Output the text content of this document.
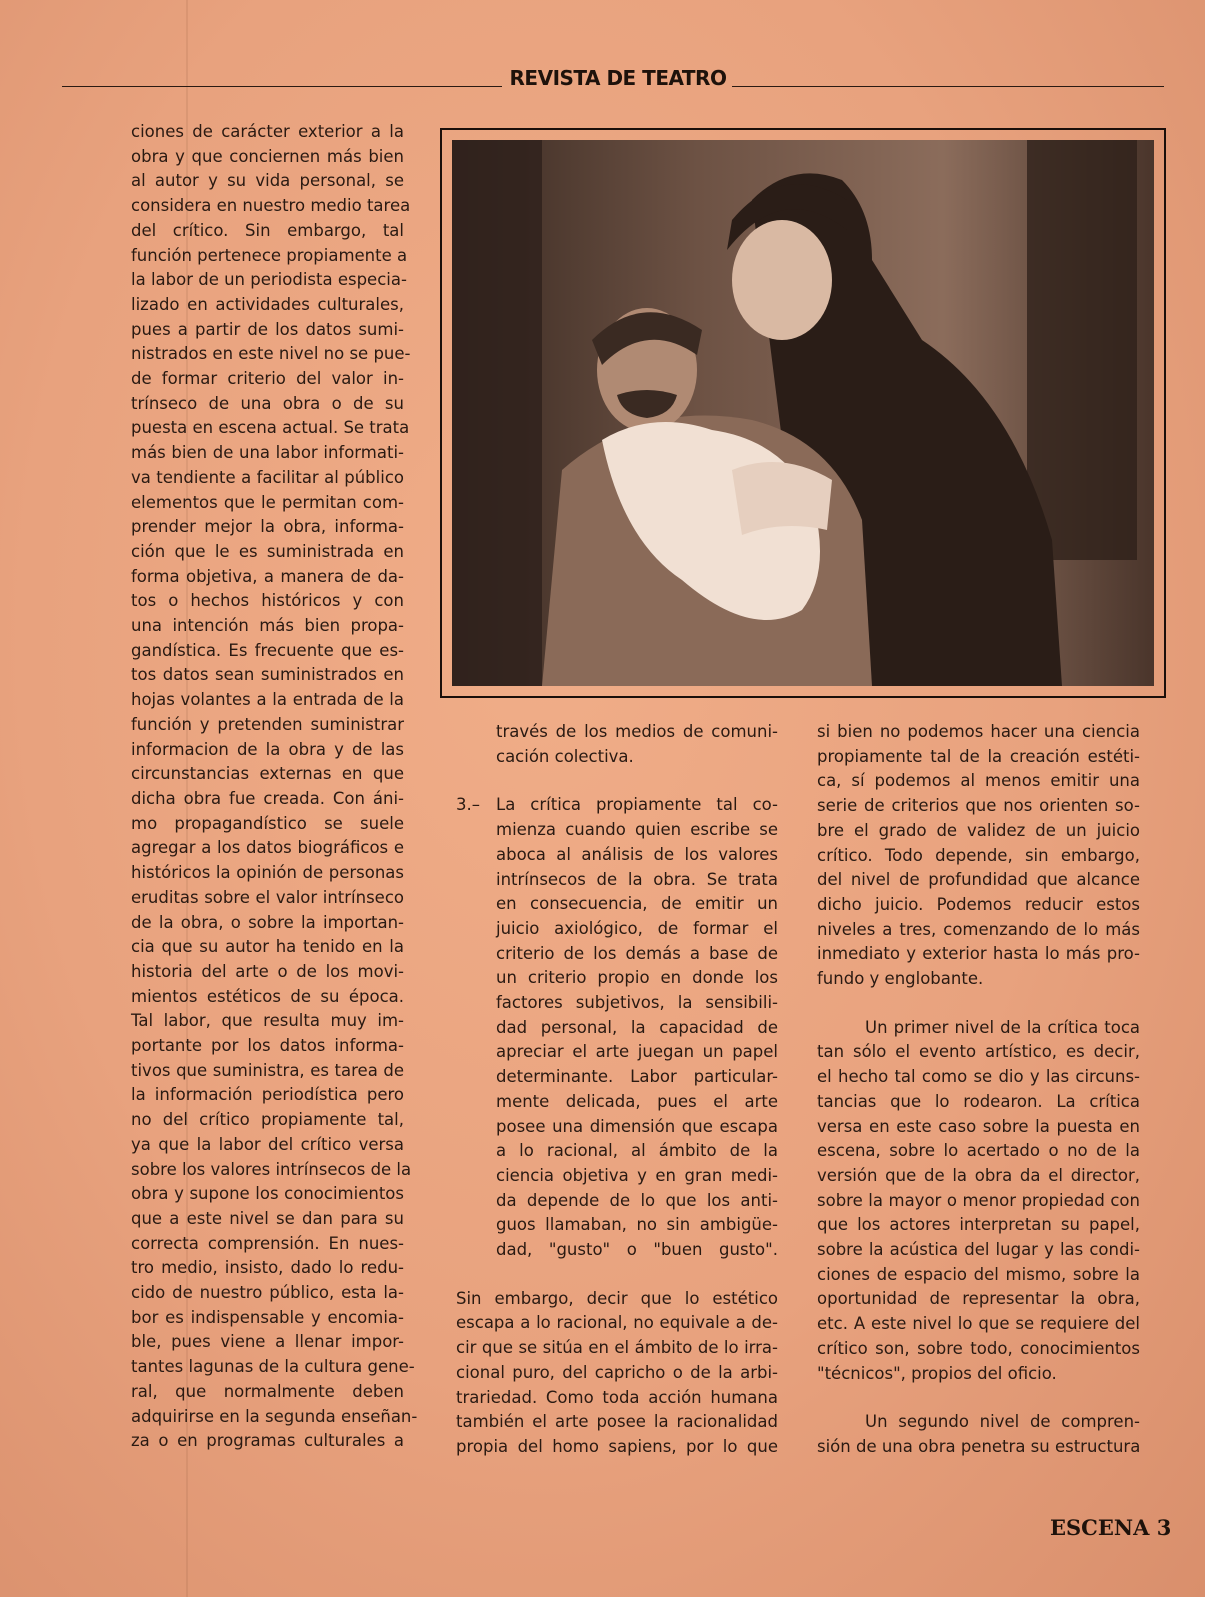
REVISTA DE TEATRO
ciones de carácter exterior a la
obra y que conciernen más bien
al autor y su vida personal, se
considera en nuestro medio tarea
del crítico. Sin embargo, tal
función pertenece propiamente a
la labor de un periodista especia-
lizado en actividades culturales,
pues a partir de los datos sumi-
nistrados en este nivel no se pue-
de formar criterio del valor in-
trínseco de una obra o de su
puesta en escena actual. Se trata
más bien de una labor informati-
va tendiente a facilitar al público
elementos que le permitan com-
prender mejor la obra, informa-
ción que le es suministrada en
forma objetiva, a manera de da-
tos o hechos históricos y con
una intención más bien propa-
gandística. Es frecuente que es-
tos datos sean suministrados en
hojas volantes a la entrada de la
función y pretenden suministrar
informacion de la obra y de las
circunstancias externas en que
dicha obra fue creada. Con áni-
mo propagandístico se suele
agregar a los datos biográficos e
históricos la opinión de personas
eruditas sobre el valor intrínseco
de la obra, o sobre la importan-
cia que su autor ha tenido en la
historia del arte o de los movi-
mientos estéticos de su época.
Tal labor, que resulta muy im-
portante por los datos informa-
tivos que suministra, es tarea de
la información periodística pero
no del crítico propiamente tal,
ya que la labor del crítico versa
sobre los valores intrínsecos de la
obra y supone los conocimientos
que a este nivel se dan para su
correcta comprensión. En nues-
tro medio, insisto, dado lo redu-
cido de nuestro público, esta la-
bor es indispensable y encomia-
ble, pues viene a llenar impor-
tantes lagunas de la cultura gene-
ral, que normalmente deben
adquirirse en la segunda enseñan-
za o en programas culturales a
través de los medios de comuni-
cación colectiva.
3.– La crítica propiamente tal co-
mienza cuando quien escribe se
aboca al análisis de los valores
intrínsecos de la obra. Se trata
en consecuencia, de emitir un
juicio axiológico, de formar el
criterio de los demás a base de
un criterio propio en donde los
factores subjetivos, la sensibili-
dad personal, la capacidad de
apreciar el arte juegan un papel
determinante. Labor particular-
mente delicada, pues el arte
posee una dimensión que escapa
a lo racional, al ámbito de la
ciencia objetiva y en gran medi-
da depende de lo que los anti-
guos llamaban, no sin ambigüe-
dad, "gusto" o "buen gusto".
Sin embargo, decir que lo estético
escapa a lo racional, no equivale a de-
cir que se sitúa en el ámbito de lo irra-
cional puro, del capricho o de la arbi-
trariedad. Como toda acción humana
también el arte posee la racionalidad
propia del homo sapiens, por lo que
si bien no podemos hacer una ciencia
propiamente tal de la creación estéti-
ca, sí podemos al menos emitir una
serie de criterios que nos orienten so-
bre el grado de validez de un juicio
crítico. Todo depende, sin embargo,
del nivel de profundidad que alcance
dicho juicio. Podemos reducir estos
niveles a tres, comenzando de lo más
inmediato y exterior hasta lo más pro-
fundo y englobante.
Un primer nivel de la crítica toca
tan sólo el evento artístico, es decir,
el hecho tal como se dio y las circuns-
tancias que lo rodearon. La crítica
versa en este caso sobre la puesta en
escena, sobre lo acertado o no de la
versión que de la obra da el director,
sobre la mayor o menor propiedad con
que los actores interpretan su papel,
sobre la acústica del lugar y las condi-
ciones de espacio del mismo, sobre la
oportunidad de representar la obra,
etc. A este nivel lo que se requiere del
crítico son, sobre todo, conocimientos
"técnicos", propios del oficio.
Un segundo nivel de compren-
sión de una obra penetra su estructura
ESCENA 3
